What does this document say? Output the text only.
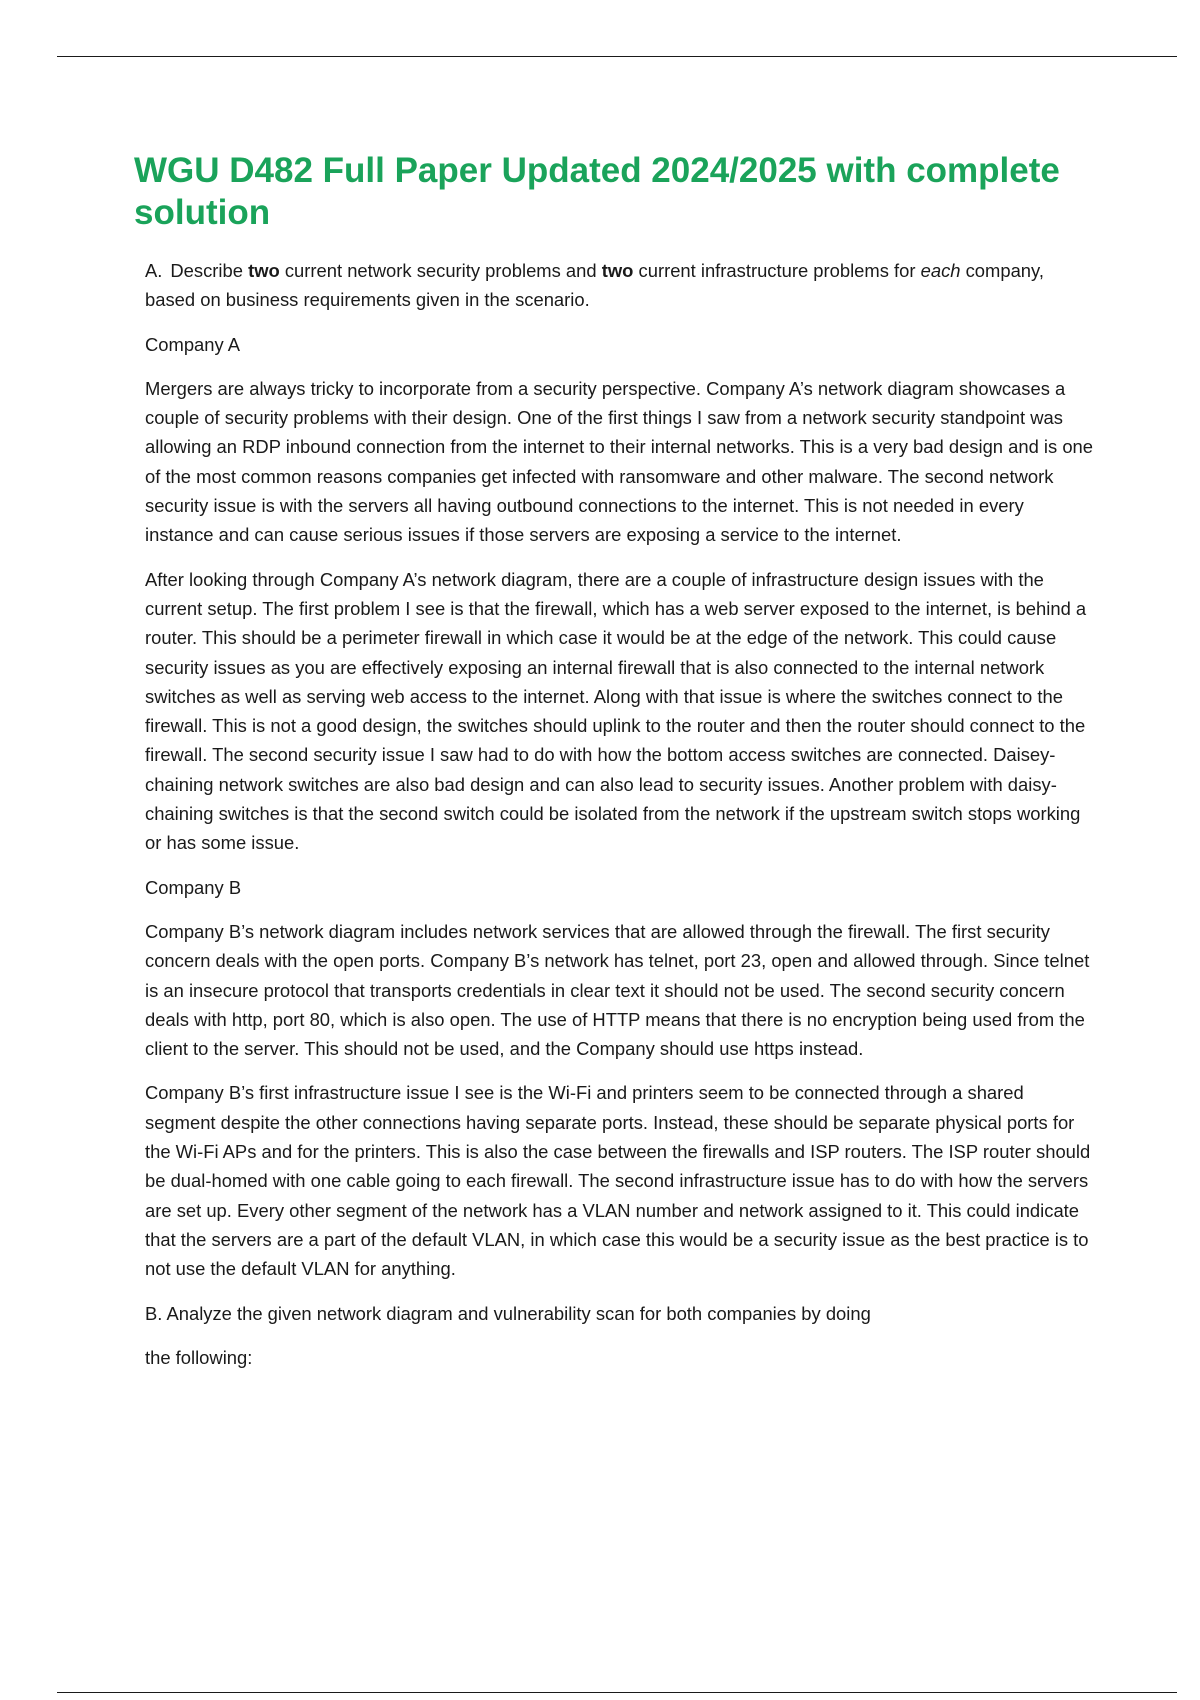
WGU D482 Full Paper Updated 2024/2025 with complete solution

A. Describe two current network security problems and two current infrastructure problems for each company, based on business requirements given in the scenario.

Company A

Mergers are always tricky to incorporate from a security perspective. Company A’s network diagram showcases a couple of security problems with their design. One of the first things I saw from a network security standpoint was allowing an RDP inbound connection from the internet to their internal networks. This is a very bad design and is one of the most common reasons companies get infected with ransomware and other malware. The second network security issue is with the servers all having outbound connections to the internet. This is not needed in every instance and can cause serious issues if those servers are exposing a service to the internet.

After looking through Company A’s network diagram, there are a couple of infrastructure design issues with the current setup. The first problem I see is that the firewall, which has a web server exposed to the internet, is behind a router. This should be a perimeter firewall in which case it would be at the edge of the network. This could cause security issues as you are effectively exposing an internal firewall that is also connected to the internal network switches as well as serving web access to the internet. Along with that issue is where the switches connect to the firewall. This is not a good design, the switches should uplink to the router and then the router should connect to the firewall. The second security issue I saw had to do with how the bottom access switches are connected. Daisey-chaining network switches are also bad design and can also lead to security issues. Another problem with daisy-chaining switches is that the second switch could be isolated from the network if the upstream switch stops working or has some issue.

Company B

Company B’s network diagram includes network services that are allowed through the firewall. The first security concern deals with the open ports. Company B’s network has telnet, port 23, open and allowed through. Since telnet is an insecure protocol that transports credentials in clear text it should not be used. The second security concern deals with http, port 80, which is also open. The use of HTTP means that there is no encryption being used from the client to the server. This should not be used, and the Company should use https instead.

Company B’s first infrastructure issue I see is the Wi-Fi and printers seem to be connected through a shared segment despite the other connections having separate ports. Instead, these should be separate physical ports for the Wi-Fi APs and for the printers. This is also the case between the firewalls and ISP routers. The ISP router should be dual-homed with one cable going to each firewall. The second infrastructure issue has to do with how the servers are set up. Every other segment of the network has a VLAN number and network assigned to it. This could indicate that the servers are a part of the default VLAN, in which case this would be a security issue as the best practice is to not use the default VLAN for anything.

B. Analyze the given network diagram and vulnerability scan for both companies by doing

the following:
